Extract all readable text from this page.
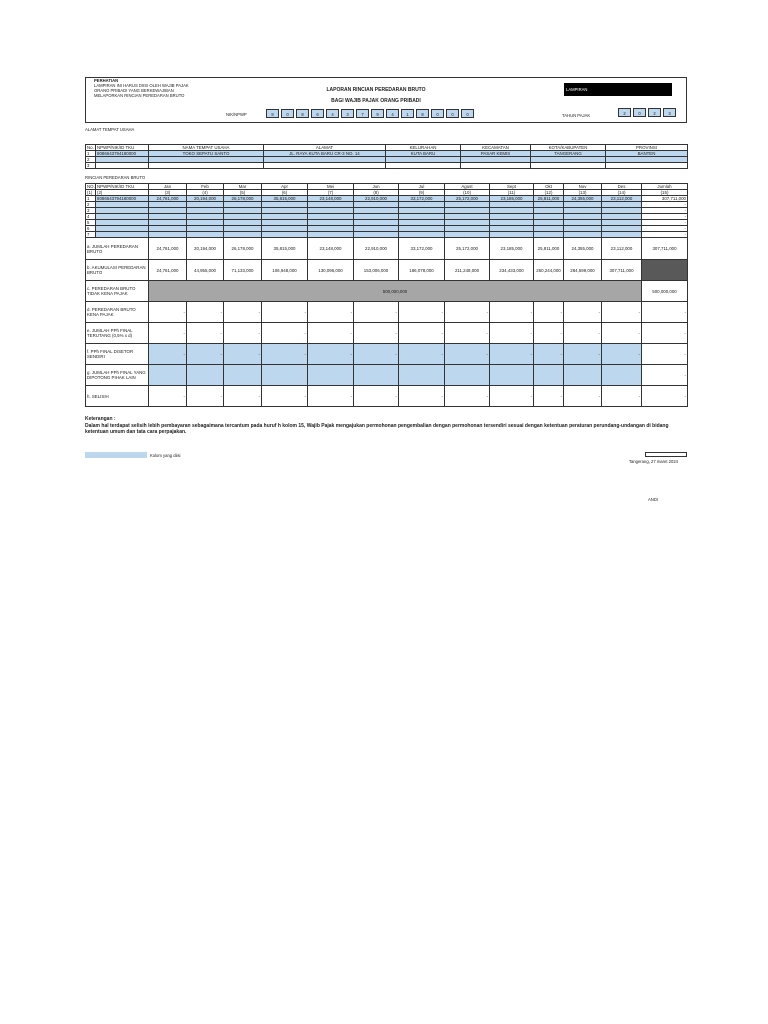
PERHATIAN
LAMPIRAN INI HARUS DIISI OLEH WAJIB PAJAK ORANG PRIBADI YANG BERKEWAJIBAN MELAPORKAN RINCIAN PEREDARAN BRUTO
LAPORAN RINCIAN PEREDARAN BRUTO
BAGI WAJIB PAJAK ORANG PRIBADI
LAMPIRAN
NIK/NPWP	8	0	8	6	4	3	7	9	4	1	8	0	0	0	TAHUN PAJAK	2	0	2	3
ALAMAT TEMPAT USAHA
No.	NPWP/NIK/ID TKU	NAMA TEMPAT USAHA	ALAMAT	KELURAHAN	KECAMATAN	KOTA/KABUPATEN	PROVINSI
1	8086643794180000	TOKO SEPATU SANTO	JL. RAYA KUTA BARU CR-3 NO. 14	KUTA BARU	PASAR KEMIS	TANGERANG	BANTEN
2							
3							
RINCIAN PEREDARAN BRUTO
NO.	NPWP/NIK/ID TKU	Jan	Feb	Mar	Apr	Mei	Jun	Jul	Agust	Sept	Okt	Nov	Des	Jumlah
(1)	(2)	(3)	(4)	(5)	(6)	(7)	(8)	(9)	(10)	(11)	(12)	(13)	(14)	(15)
1	8086643794180000	24,761,000	20,194,000	26,178,000	35,815,000	23,148,000	22,910,000	33,172,000	25,172,000	23,185,000	25,811,000	24,355,000	23,112,000	307,711,000
2														-
3														-
4														-
5														-
6														-
7														-
a. JUMLAH PEREDARAN BRUTO		24,761,000	20,194,000	26,178,000	35,815,000	23,148,000	22,910,000	33,172,000	25,172,000	23,185,000	25,811,000	24,355,000	23,112,000	307,711,000
b. AKUMULASI PEREDARAN BRUTO		24,761,000	44,955,000	71,133,000	106,948,000	130,096,000	153,006,000	186,078,000	211,248,000	234,433,000	260,244,000	284,599,000	307,711,000	
c. PEREDARAN BRUTO TIDAK KENA PAJAK		500,000,000												500,000,000
d. PEREDARAN BRUTO KENA PAJAK		-	-	-	-	-	-	-	-	-	-	-	-	-
e. JUMLAH PPh FINAL TERUTANG (0,5% x d)		-	-	-	-	-	-	-	-	-	-	-	-	-
f. PPh FINAL DISETOR SENDIRI		-	-	-	-	-	-	-	-	-	-	-	-	-
g. JUMLAH PPh FINAL YANG DIPOTONG PIHAK LAIN														-
h. SELISIH		-	-	-	-	-	-	-	-	-	-	-	-	-
Keterangan :
Dalam hal terdapat selisih lebih pembayaran sebagaimana tercantum pada huruf h kolom 15, Wajib Pajak mengajukan permohonan pengembalian dengan permohonan tersendiri sesuai dengan ketentuan peraturan perundang-undangan di bidang ketentuan umum dan tata cara perpajakan.
Kolom yang diisi
Tangerang, 27 maret 2024
ANDI
